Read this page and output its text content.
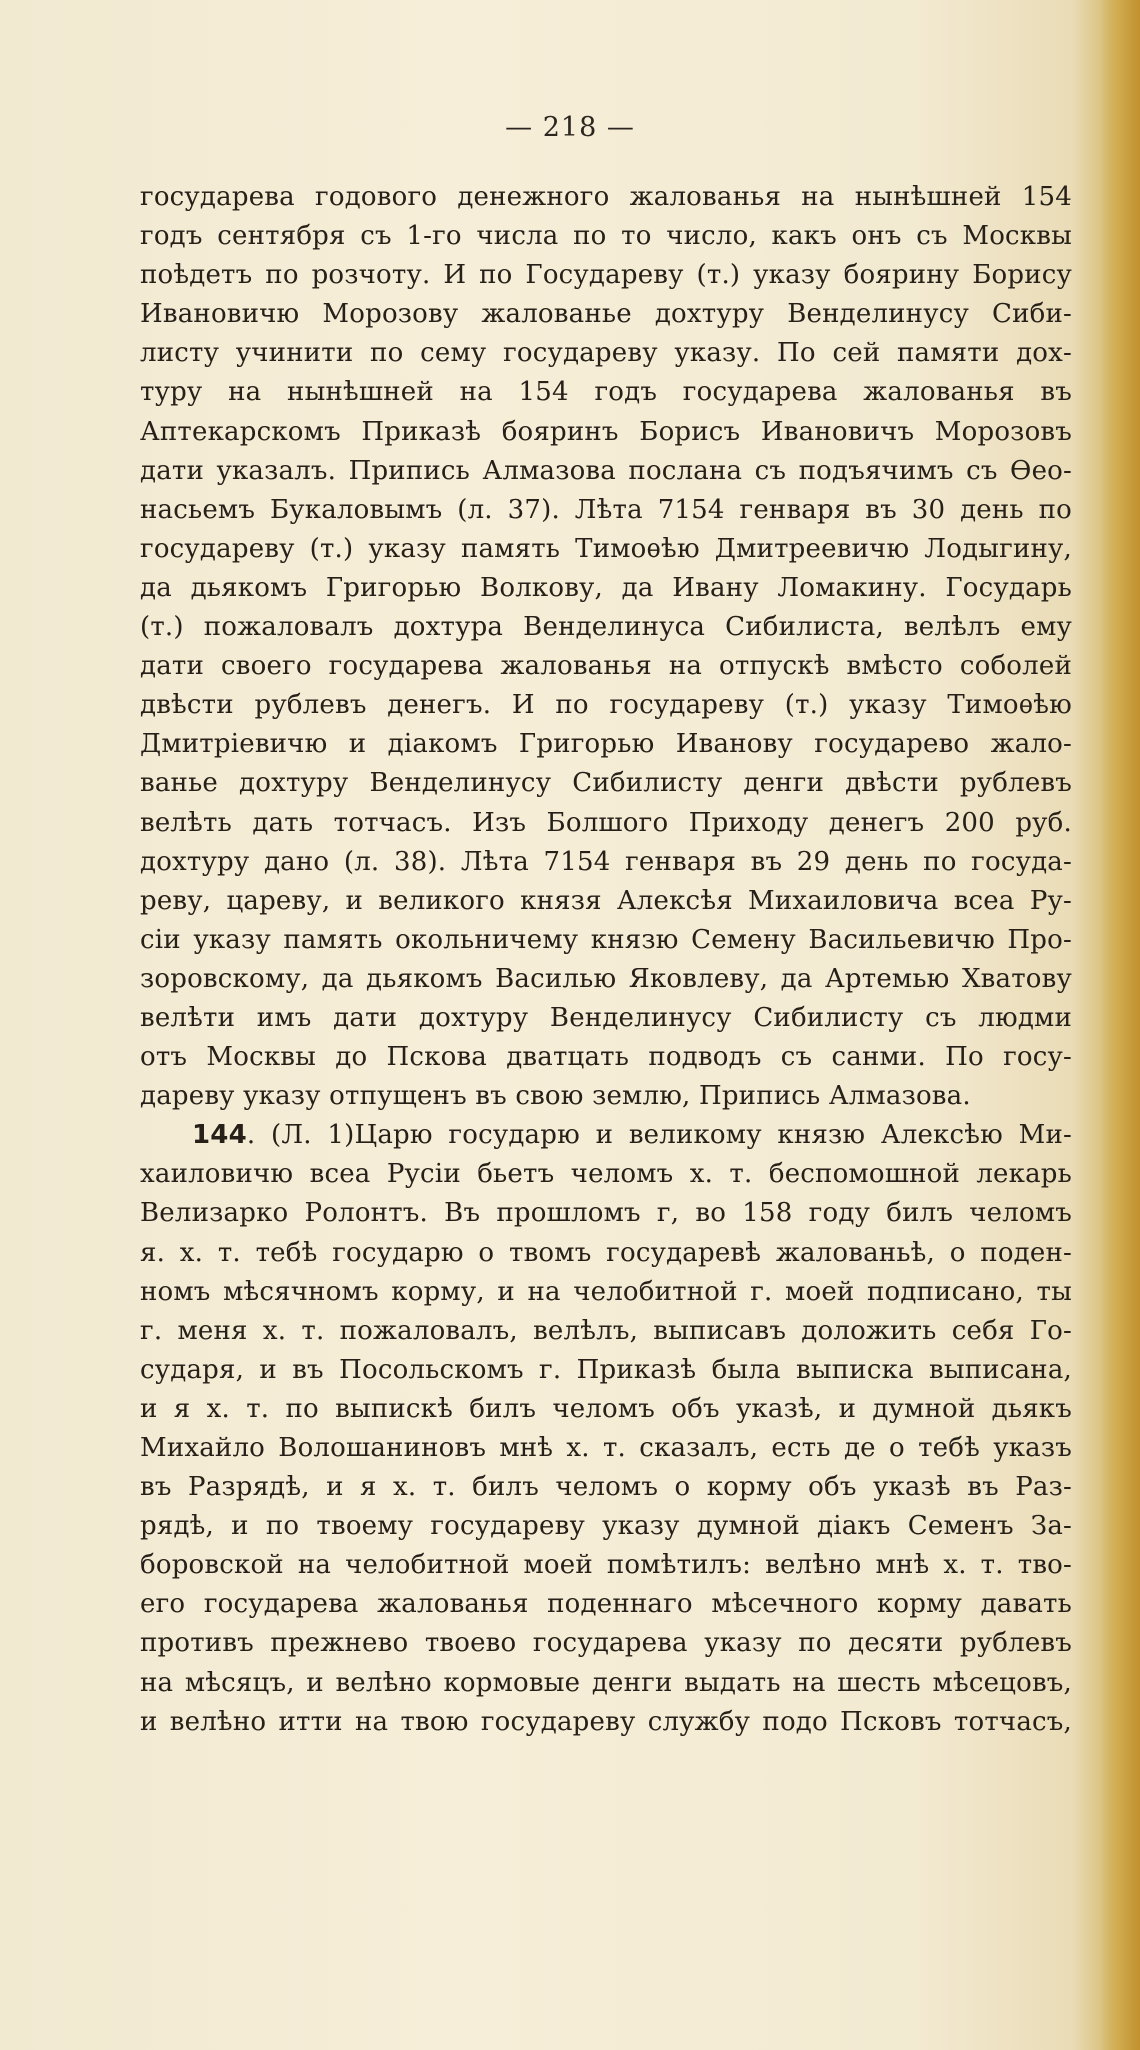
— 218 —
государева годового денежного жалованья на нынѣшней 154
годъ сентября съ 1-го числа по то число, какъ онъ съ Москвы
поѣдетъ по розчоту. И по Государеву (т.) указу боярину Борису
Ивановичю Морозову жалованье дохтуру Венделинусу Сиби-
листу учинити по сему государеву указу. По сей памяти дох-
туру на нынѣшней на 154 годъ государева жалованья въ
Аптекарскомъ Приказѣ бояринъ Борисъ Ивановичъ Морозовъ
дати указалъ. Припись Алмазова послана съ подъячимъ съ Ѳео-
насьемъ Букаловымъ (л. 37). Лѣта 7154 генваря въ 30 день по
государеву (т.) указу память Тимоѳѣю Дмитреевичю Лодыгину,
да дьякомъ Григорью Волкову, да Ивану Ломакину. Государь
(т.) пожаловалъ дохтура Венделинуса Сибилиста, велѣлъ ему
дати своего государева жалованья на отпускѣ вмѣсто соболей
двѣсти рублевъ денегъ. И по государеву (т.) указу Тимоѳѣю
Дмитрiевичю и дiакомъ Григорью Иванову государево жало-
ванье дохтуру Венделинусу Сибилисту денги двѣсти рублевъ
велѣть дать тотчасъ. Изъ Болшого Приходу денегъ 200 руб.
дохтуру дано (л. 38). Лѣта 7154 генваря въ 29 день по госуда-
реву, цареву, и великого князя Алексѣя Михаиловича всеа Ру-
сiи указу память окольничему князю Семену Васильевичю Про-
зоровскому, да дьякомъ Василью Яковлеву, да Артемью Хватову
велѣти имъ дати дохтуру Венделинусу Сибилисту съ людми
отъ Москвы до Пскова дватцать подводъ съ санми. По госу-
дареву указу отпущенъ въ свою землю, Припись Алмазова.
144. (Л. 1)Царю государю и великому князю Алексѣю Ми-
хаиловичю всеа Русiи бьетъ челомъ х. т. беспомошной лекарь
Велизарко Ролонтъ. Въ прошломъ г, во 158 году билъ челомъ
я. х. т. тебѣ государю о твомъ государевѣ жалованьѣ, о поден-
номъ мѣсячномъ корму, и на челобитной г. моей подписано, ты
г. меня х. т. пожаловалъ, велѣлъ, выписавъ доложить себя Го-
сударя, и въ Посольскомъ г. Приказѣ была выписка выписана,
и я х. т. по выпискѣ билъ челомъ объ указѣ, и думной дьякъ
Михайло Волошаниновъ мнѣ х. т. сказалъ, есть де о тебѣ указъ
въ Разрядѣ, и я х. т. билъ челомъ о корму объ указѣ въ Раз-
рядѣ, и по твоему государеву указу думной дiакъ Семенъ За-
боровской на челобитной моей помѣтилъ: велѣно мнѣ х. т. тво-
его государева жалованья поденнаго мѣсечного корму давать
противъ прежнево твоево государева указу по десяти рублевъ
на мѣсяцъ, и велѣно кормовые денги выдать на шесть мѣсецовъ,
и велѣно итти на твою государеву службу подо Псковъ тотчасъ,
